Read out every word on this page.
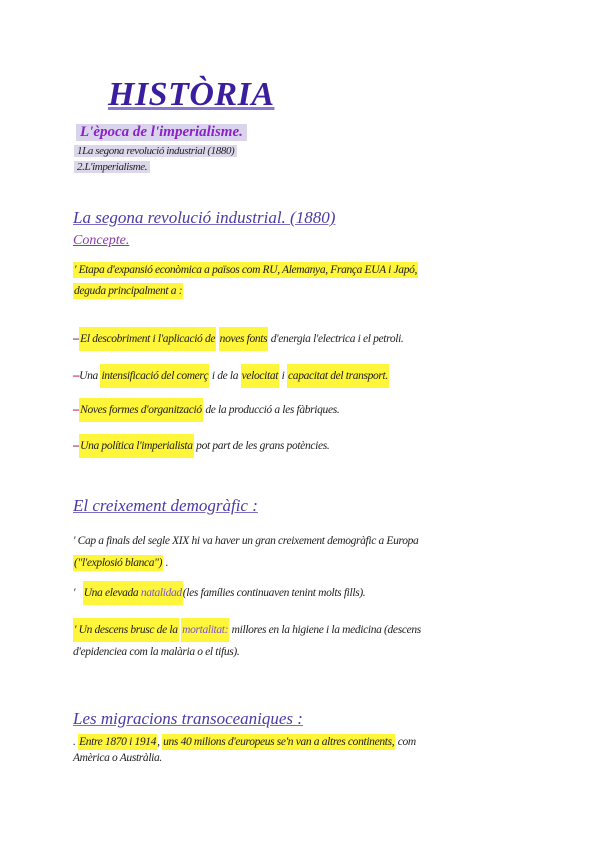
HISTÒRIA
L'època de l'imperialisme.
1La segona revolució industrial (1880)
2.L'imperialisme.
La segona revolució industrial. (1880)
Concepte.
' Etapa d'expansió econòmica a països com RU, Alemanya, França EUA i Japó,
deguda principalment a :
–El descobriment i l'aplicació de noves fonts d'energia l'electrica i el petroli.
–Una intensificació del comerç i de la velocitat i capacitat del transport.
–Noves formes d'organització de la producció a les fàbriques.
–Una política l'imperialista pot part de les grans potències.
El creixement demogràfic :
' Cap a finals del segle XIX hi va haver un gran creixement demogràfic a Europa
("l'explosió blanca") .
' Una elevada natalidad(les famílies continuaven tenint molts fills).
' Un descens brusc de la mortalitat: millores en la higiene i la medicina (descens
d'epidenciea com la malària o el tifus).
Les migracions transoceaniques :
. Entre 1870 i 1914, uns 40 milions d'europeus se'n van a altres continents, com
Amèrica o Austràlia.
